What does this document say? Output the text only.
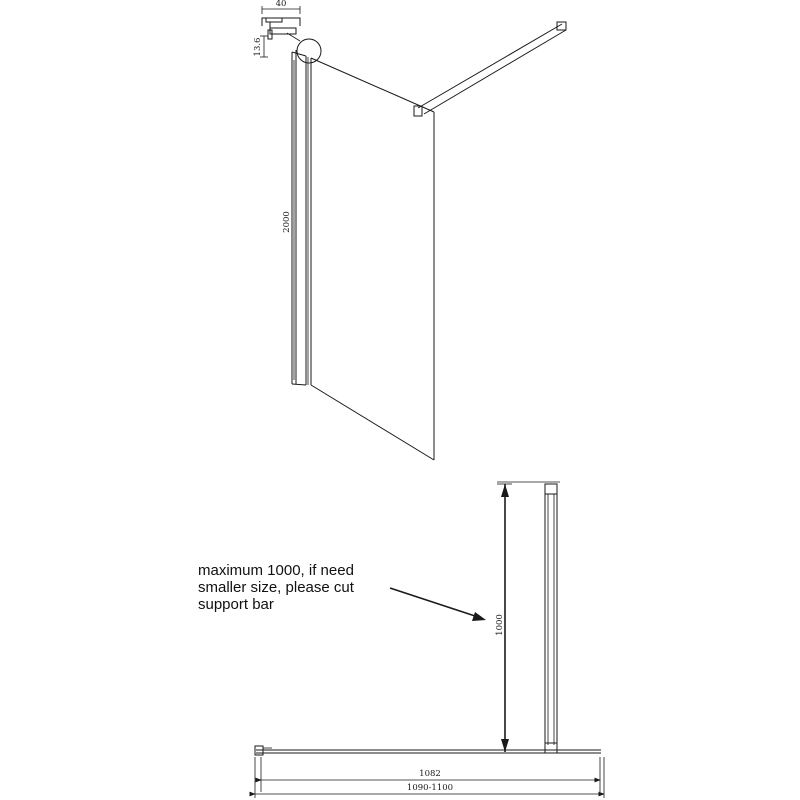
40
13.6
2000
1000
1082
1090-1100
maximum 1000, if need
smaller size, please cut
support bar
